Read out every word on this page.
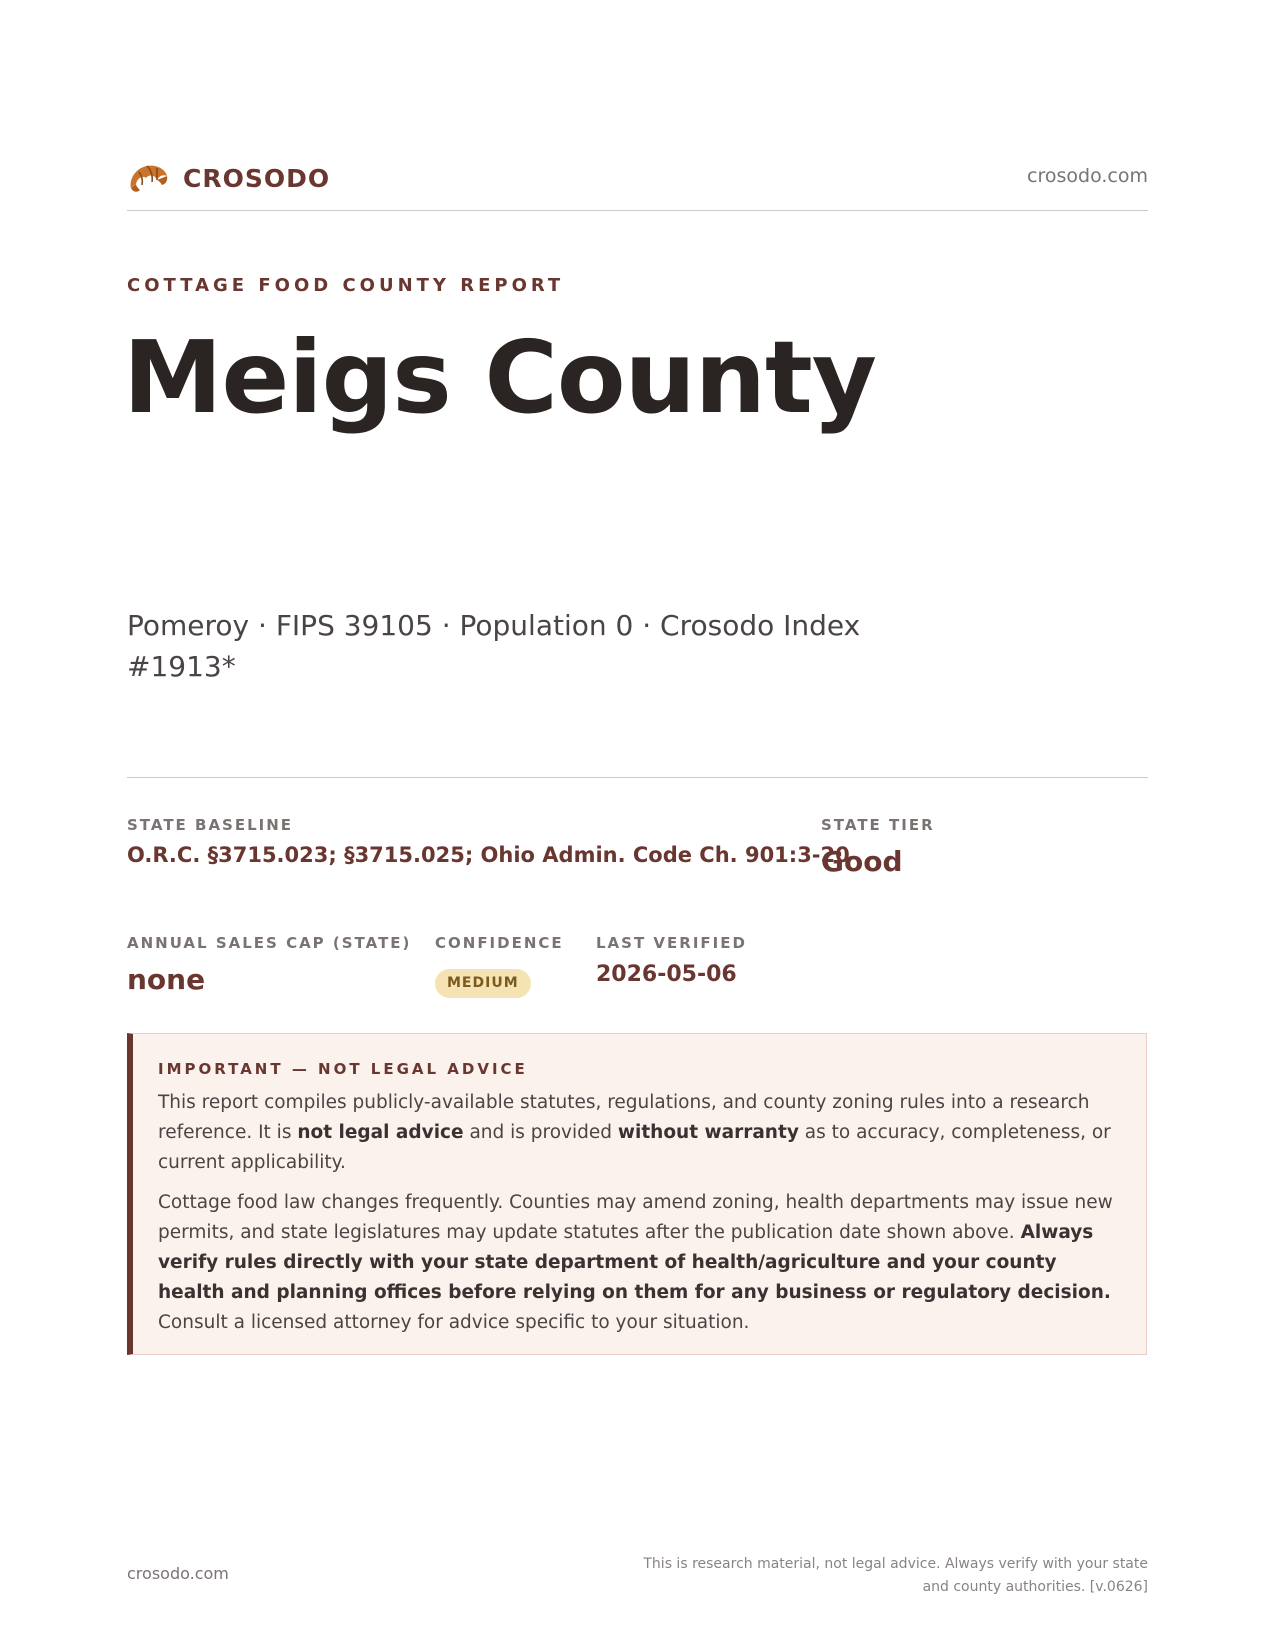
CROSODO	crosodo.com
COTTAGE FOOD COUNTY REPORT
Meigs County
Pomeroy · FIPS 39105 · Population 0 · Crosodo Index #1913*
STATE BASELINE
O.R.C. §3715.023; §3715.025; Ohio Admin. Code Ch. 901:3-20
STATE TIER
Good
ANNUAL SALES CAP (STATE)
none
CONFIDENCE
MEDIUM
LAST VERIFIED
2026-05-06
IMPORTANT — NOT LEGAL ADVICE

This report compiles publicly-available statutes, regulations, and county zoning rules into a research reference. It is not legal advice and is provided without warranty as to accuracy, completeness, or current applicability.

Cottage food law changes frequently. Counties may amend zoning, health departments may issue new permits, and state legislatures may update statutes after the publication date shown above. Always verify rules directly with your state department of health/agriculture and your county health and planning offices before relying on them for any business or regulatory decision. Consult a licensed attorney for advice specific to your situation.

crosodo.com	This is research material, not legal advice. Always verify with your state and county authorities. [v.0626]
